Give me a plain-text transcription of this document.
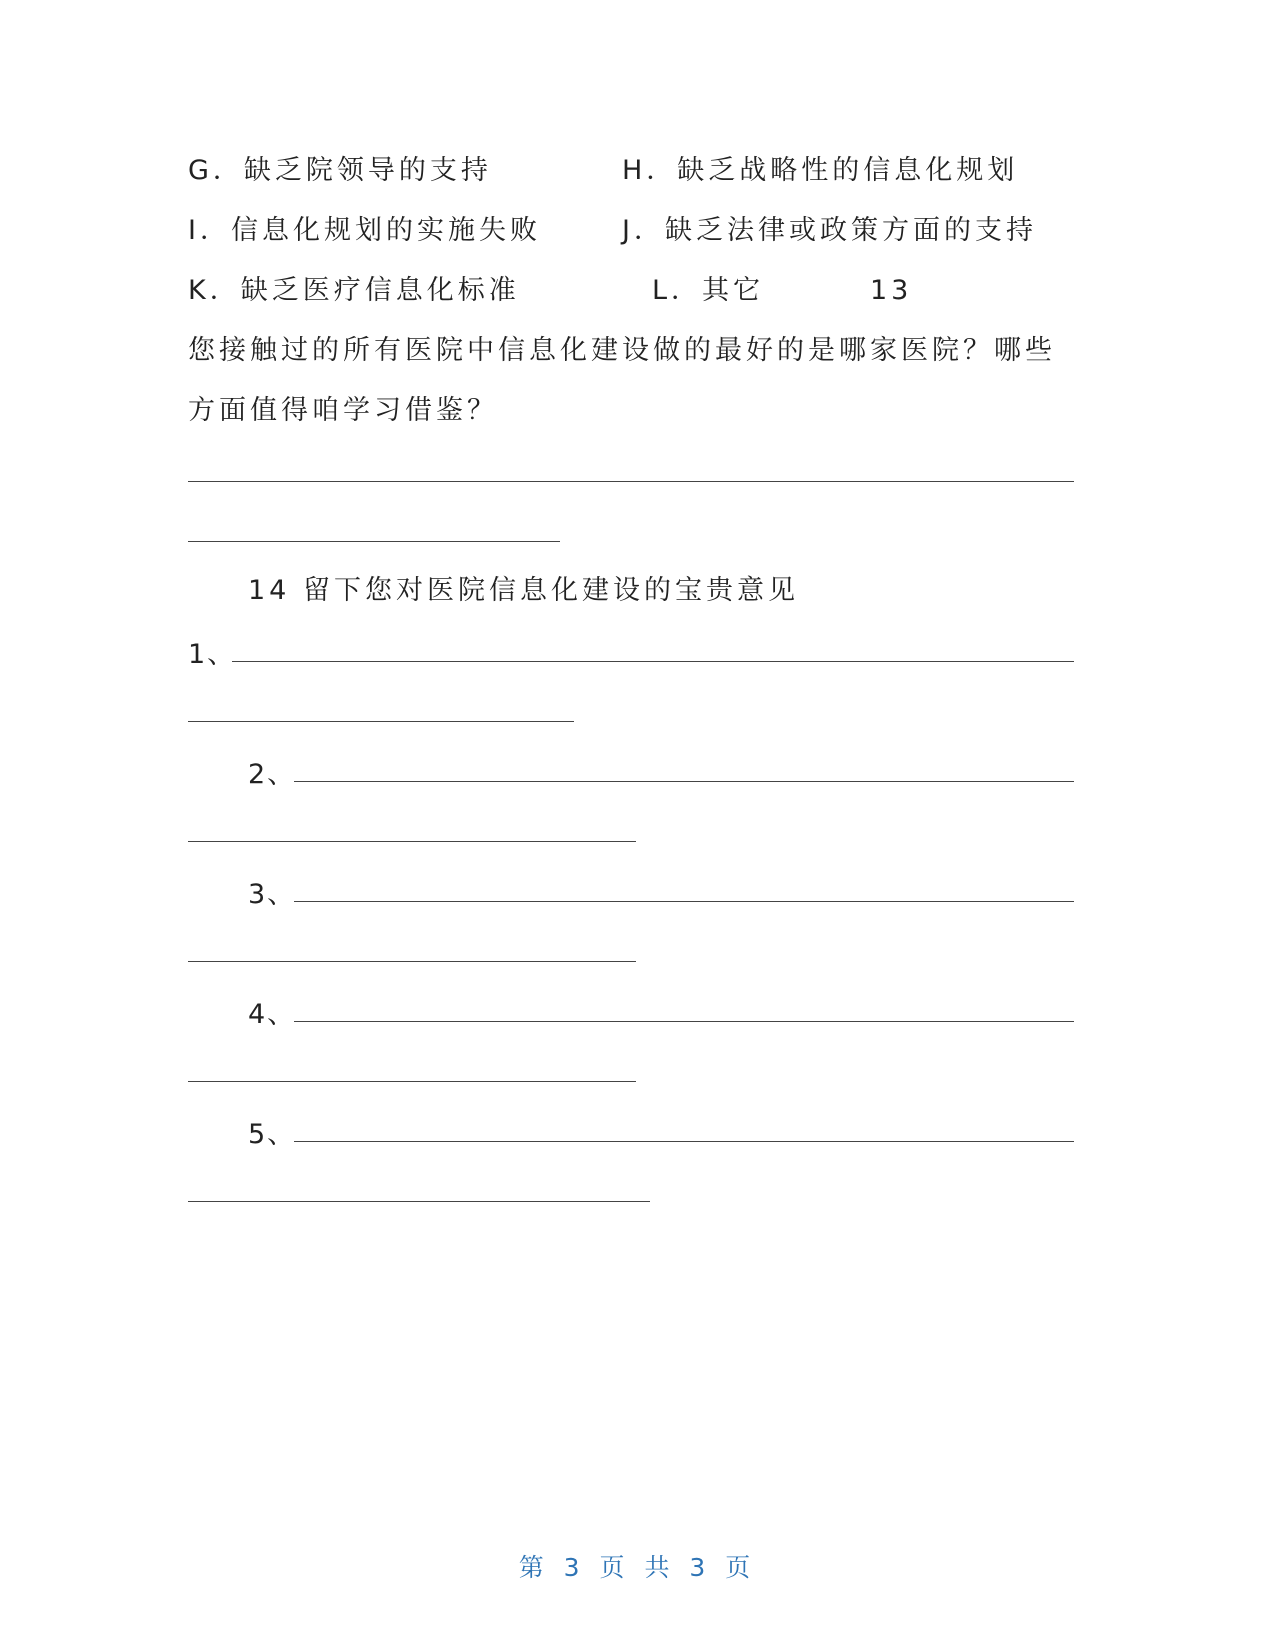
G．缺乏院领导的支持	H．缺乏战略性的信息化规划
I．信息化规划的实施失败	J．缺乏法律或政策方面的支持
K．缺乏医疗信息化标准	L．其它	13
您接触过的所有医院中信息化建设做的最好的是哪家医院？哪些
方面值得咱学习借鉴？
14 留下您对医院信息化建设的宝贵意见
1、
2、
3、
4、
5、
第 3 页 共 3 页
